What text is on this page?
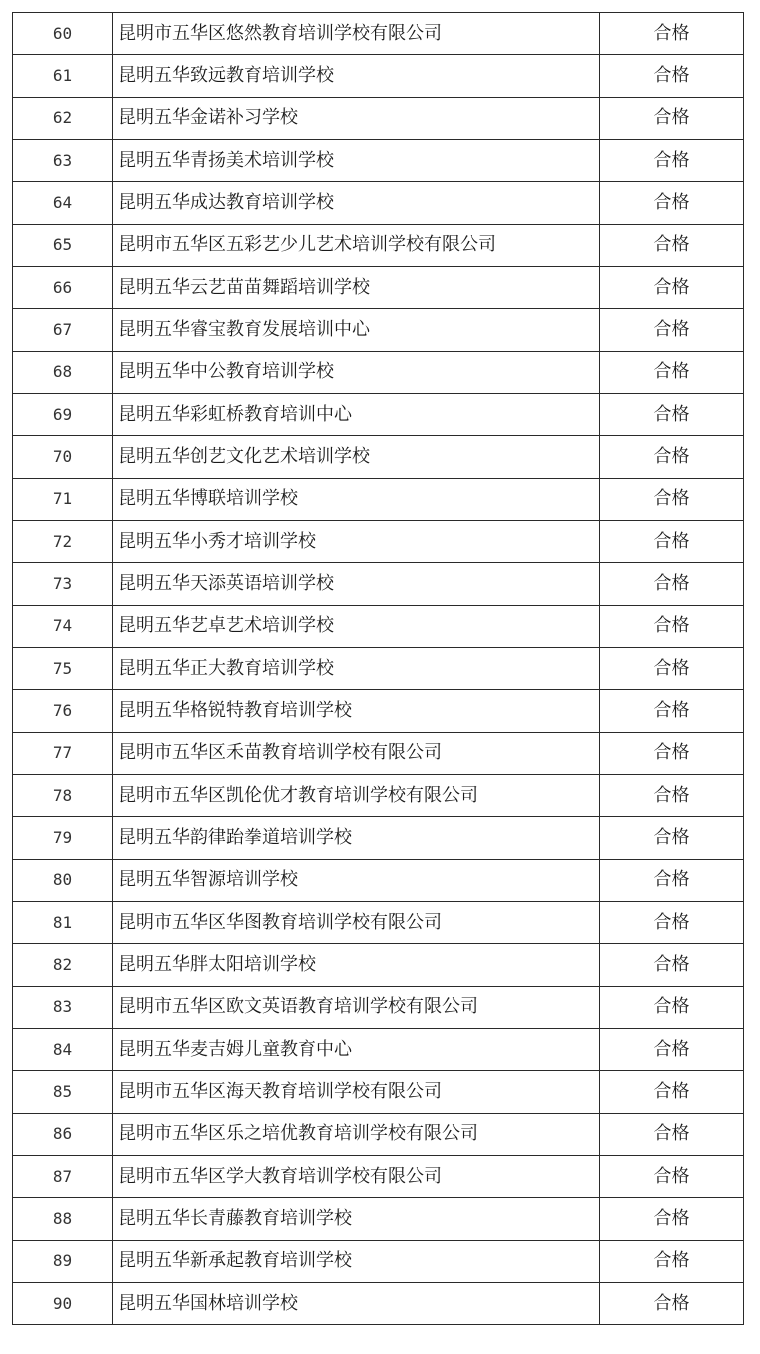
60	昆明市五华区悠然教育培训学校有限公司	合格
61	昆明五华致远教育培训学校	合格
62	昆明五华金诺补习学校	合格
63	昆明五华青扬美术培训学校	合格
64	昆明五华成达教育培训学校	合格
65	昆明市五华区五彩艺少儿艺术培训学校有限公司	合格
66	昆明五华云艺苗苗舞蹈培训学校	合格
67	昆明五华睿宝教育发展培训中心	合格
68	昆明五华中公教育培训学校	合格
69	昆明五华彩虹桥教育培训中心	合格
70	昆明五华创艺文化艺术培训学校	合格
71	昆明五华博联培训学校	合格
72	昆明五华小秀才培训学校	合格
73	昆明五华天添英语培训学校	合格
74	昆明五华艺卓艺术培训学校	合格
75	昆明五华正大教育培训学校	合格
76	昆明五华格锐特教育培训学校	合格
77	昆明市五华区禾苗教育培训学校有限公司	合格
78	昆明市五华区凯伦优才教育培训学校有限公司	合格
79	昆明五华韵律跆拳道培训学校	合格
80	昆明五华智源培训学校	合格
81	昆明市五华区华图教育培训学校有限公司	合格
82	昆明五华胖太阳培训学校	合格
83	昆明市五华区欧文英语教育培训学校有限公司	合格
84	昆明五华麦吉姆儿童教育中心	合格
85	昆明市五华区海天教育培训学校有限公司	合格
86	昆明市五华区乐之培优教育培训学校有限公司	合格
87	昆明市五华区学大教育培训学校有限公司	合格
88	昆明五华长青藤教育培训学校	合格
89	昆明五华新承起教育培训学校	合格
90	昆明五华国林培训学校	合格
